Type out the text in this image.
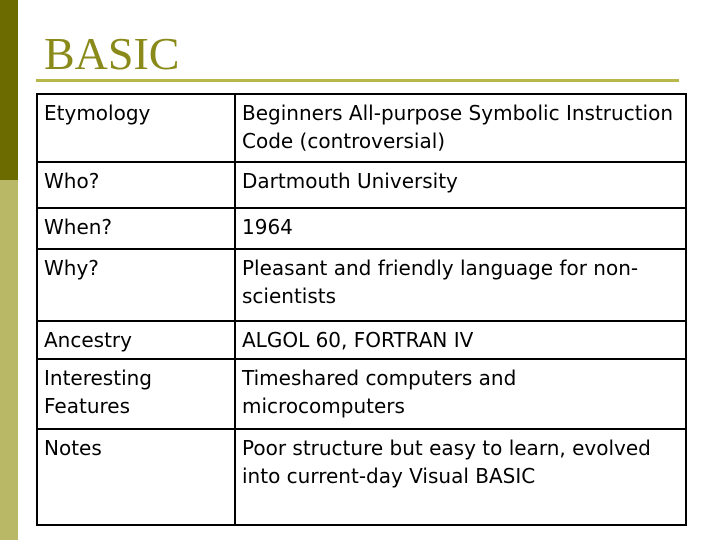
BASIC
Etymology	Beginners All-purpose Symbolic Instruction Code (controversial)
Who?	Dartmouth University
When?	1964
Why?	Pleasant and friendly language for non-scientists
Ancestry	ALGOL 60, FORTRAN IV
Interesting Features	Timeshared computers and microcomputers
Notes	Poor structure but easy to learn, evolved into current-day Visual BASIC
